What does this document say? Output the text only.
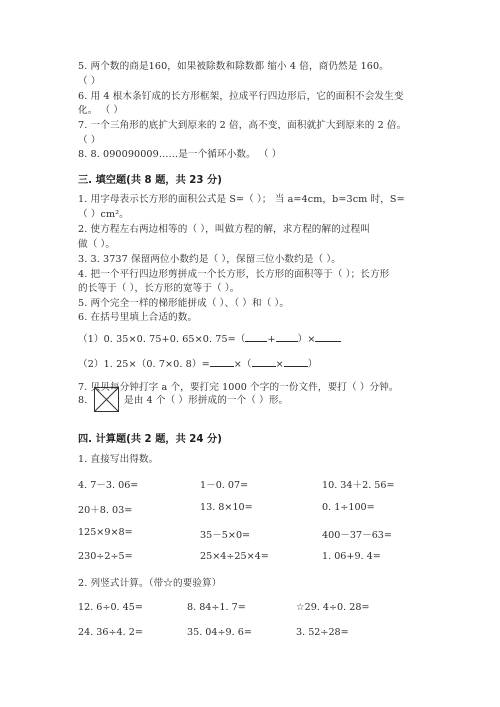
5. 两个数的商是160，如果被除数和除数都 缩小 4 倍，商仍然是 160。
（ ）
6. 用 4 根木条钉成的长方形框架，拉成平行四边形后，它的面积不会发生变
化。 （ ）
7. 一个三角形的底扩大到原来的 2 倍，高不变，面积就扩大到原来的 2 倍。
（ ）
8. 8. 090090009……是一个循环小数。 （ ）
三. 填空题(共 8 题，共 23 分)
1. 用字母表示长方形的面积公式是 S=（ ）； 当 a=4cm，b=3cm 时，S=
（ ）cm²。
2. 使方程左右两边相等的（ ），叫做方程的解，求方程的解的过程叫
做（ ）。
3. 3. 3737 保留两位小数约是（ ），保留三位小数约是（ ）。
4. 把一个平行四边形剪拼成一个长方形，长方形的面积等于（ ）；长方形
的长等于（ ），长方形的宽等于（ ）。
5. 两个完全一样的梯形能拼成（ ）、（ ）和（ ）。
6. 在括号里填上合适的数。
（1）0. 35×0. 75+0. 65×0. 75=（ + ）×
（2）1. 25×（0. 7×0. 8）=	×（	×	）
7. 贝贝每分钟打字 a 个，要打完 1000 个字的一份文件，要打（ ）分钟。
8.	是由 4 个（ ）形拼成的一个（ ）形。
四. 计算题(共 2 题，共 24 分)
1. 直接写出得数。
4. 7－3. 06=	1－0. 07=	10. 34＋2. 56=
20＋8. 03=	13. 8×10=	0. 1÷100=
125×9×8=	35－5×0=	400－37－63=
230÷2÷5=	25×4÷25×4=	1. 06+9. 4=
2. 列竖式计算。（带☆的要验算）
12. 6÷0. 45=	8. 84÷1. 7=	☆29. 4÷0. 28=
24. 36÷4. 2=	35. 04÷9. 6=	3. 52÷28=
